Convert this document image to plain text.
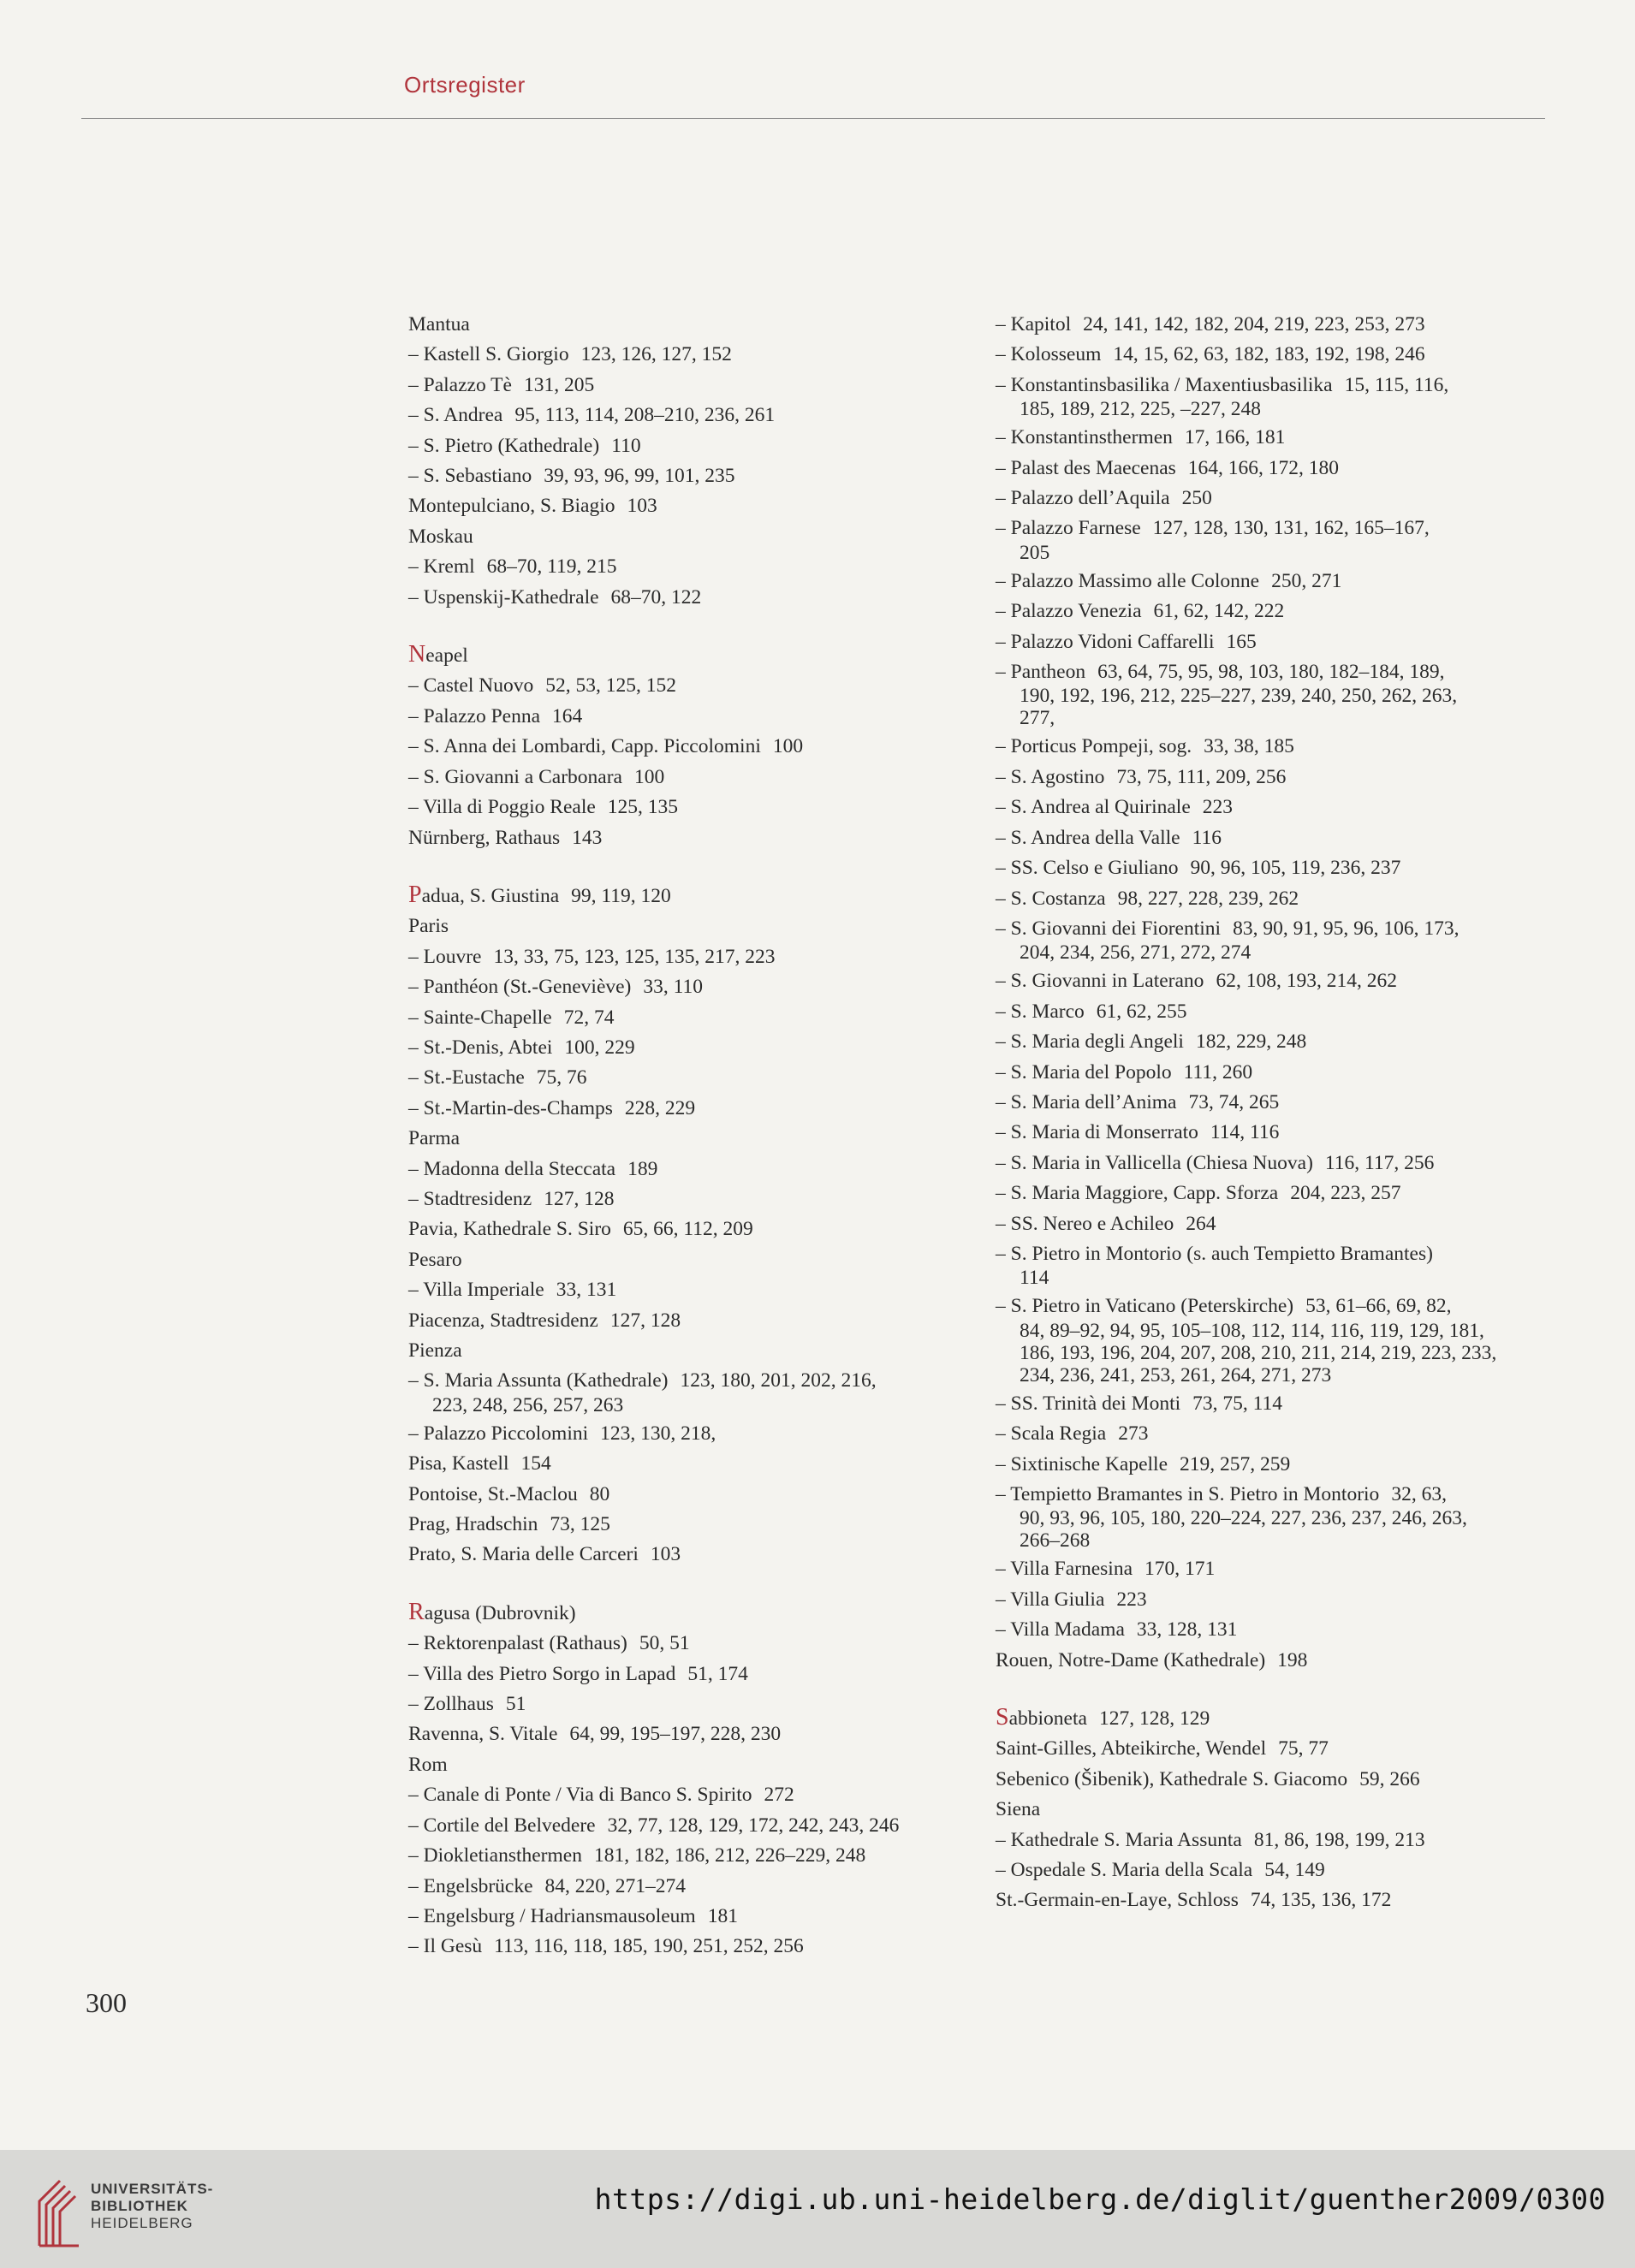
Ortsregister
Mantua
– Kastell S. Giorgio 123, 126, 127, 152
– Palazzo Tè 131, 205
– S. Andrea 95, 113, 114, 208–210, 236, 261
– S. Pietro (Kathedrale) 110
– S. Sebastiano 39, 93, 96, 99, 101, 235
Montepulciano, S. Biagio 103
Moskau
– Kreml 68–70, 119, 215
– Uspenskij-Kathedrale 68–70, 122
Neapel
– Castel Nuovo 52, 53, 125, 152
– Palazzo Penna 164
– S. Anna dei Lombardi, Capp. Piccolomini 100
– S. Giovanni a Carbonara 100
– Villa di Poggio Reale 125, 135
Nürnberg, Rathaus 143
Padua, S. Giustina 99, 119, 120
Paris
– Louvre 13, 33, 75, 123, 125, 135, 217, 223
– Panthéon (St.-Geneviève) 33, 110
– Sainte-Chapelle 72, 74
– St.-Denis, Abtei 100, 229
– St.-Eustache 75, 76
– St.-Martin-des-Champs 228, 229
Parma
– Madonna della Steccata 189
– Stadtresidenz 127, 128
Pavia, Kathedrale S. Siro 65, 66, 112, 209
Pesaro
– Villa Imperiale 33, 131
Piacenza, Stadtresidenz 127, 128
Pienza
– S. Maria Assunta (Kathedrale) 123, 180, 201, 202, 216,
223, 248, 256, 257, 263
– Palazzo Piccolomini 123, 130, 218,
Pisa, Kastell 154
Pontoise, St.-Maclou 80
Prag, Hradschin 73, 125
Prato, S. Maria delle Carceri 103
Ragusa (Dubrovnik)
– Rektorenpalast (Rathaus) 50, 51
– Villa des Pietro Sorgo in Lapad 51, 174
– Zollhaus 51
Ravenna, S. Vitale 64, 99, 195–197, 228, 230
Rom
– Canale di Ponte / Via di Banco S. Spirito 272
– Cortile del Belvedere 32, 77, 128, 129, 172, 242, 243, 246
– Diokletiansthermen 181, 182, 186, 212, 226–229, 248
– Engelsbrücke 84, 220, 271–274
– Engelsburg / Hadriansmausoleum 181
– Il Gesù 113, 116, 118, 185, 190, 251, 252, 256
– Kapitol 24, 141, 142, 182, 204, 219, 223, 253, 273
– Kolosseum 14, 15, 62, 63, 182, 183, 192, 198, 246
– Konstantinsbasilika / Maxentiusbasilika 15, 115, 116,
185, 189, 212, 225, –227, 248
– Konstantinsthermen 17, 166, 181
– Palast des Maecenas 164, 166, 172, 180
– Palazzo dell’Aquila 250
– Palazzo Farnese 127, 128, 130, 131, 162, 165–167,
205
– Palazzo Massimo alle Colonne 250, 271
– Palazzo Venezia 61, 62, 142, 222
– Palazzo Vidoni Caffarelli 165
– Pantheon 63, 64, 75, 95, 98, 103, 180, 182–184, 189,
190, 192, 196, 212, 225–227, 239, 240, 250, 262, 263,
277,
– Porticus Pompeji, sog. 33, 38, 185
– S. Agostino 73, 75, 111, 209, 256
– S. Andrea al Quirinale 223
– S. Andrea della Valle 116
– SS. Celso e Giuliano 90, 96, 105, 119, 236, 237
– S. Costanza 98, 227, 228, 239, 262
– S. Giovanni dei Fiorentini 83, 90, 91, 95, 96, 106, 173,
204, 234, 256, 271, 272, 274
– S. Giovanni in Laterano 62, 108, 193, 214, 262
– S. Marco 61, 62, 255
– S. Maria degli Angeli 182, 229, 248
– S. Maria del Popolo 111, 260
– S. Maria dell’Anima 73, 74, 265
– S. Maria di Monserrato 114, 116
– S. Maria in Vallicella (Chiesa Nuova) 116, 117, 256
– S. Maria Maggiore, Capp. Sforza 204, 223, 257
– SS. Nereo e Achileo 264
– S. Pietro in Montorio (s. auch Tempietto Bramantes)
114
– S. Pietro in Vaticano (Peterskirche) 53, 61–66, 69, 82,
84, 89–92, 94, 95, 105–108, 112, 114, 116, 119, 129, 181,
186, 193, 196, 204, 207, 208, 210, 211, 214, 219, 223, 233,
234, 236, 241, 253, 261, 264, 271, 273
– SS. Trinità dei Monti 73, 75, 114
– Scala Regia 273
– Sixtinische Kapelle 219, 257, 259
– Tempietto Bramantes in S. Pietro in Montorio 32, 63,
90, 93, 96, 105, 180, 220–224, 227, 236, 237, 246, 263,
266–268
– Villa Farnesina 170, 171
– Villa Giulia 223
– Villa Madama 33, 128, 131
Rouen, Notre-Dame (Kathedrale) 198
Sabbioneta 127, 128, 129
Saint-Gilles, Abteikirche, Wendel 75, 77
Sebenico (Šibenik), Kathedrale S. Giacomo 59, 266
Siena
– Kathedrale S. Maria Assunta 81, 86, 198, 199, 213
– Ospedale S. Maria della Scala 54, 149
St.-Germain-en-Laye, Schloss 74, 135, 136, 172
300
UNIVERSITÄTS-
BIBLIOTHEK
HEIDELBERG
https://digi.ub.uni-heidelberg.de/diglit/guenther2009/0300
